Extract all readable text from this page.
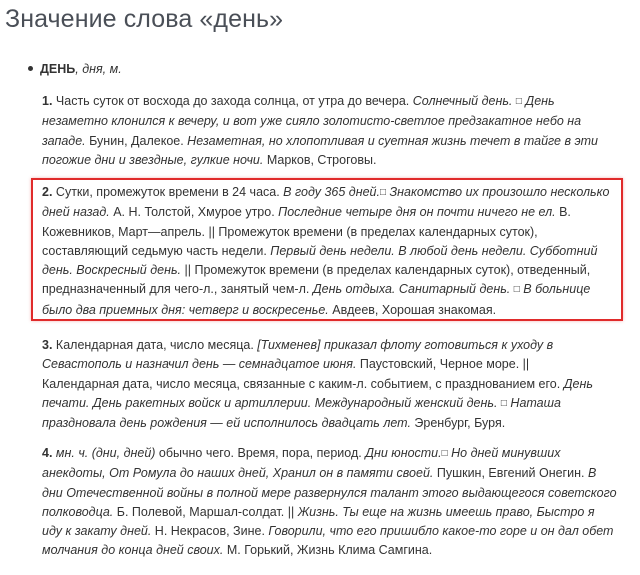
Значение слова «день»
ДЕНЬ, дня, м.
1. Часть суток от восхода до захода солнца, от утра до вечера. Солнечный день. □ День
незаметно клонился к вечеру, и вот уже сияло золотисто-светлое предзакатное небо на
западе. Бунин, Далекое. Незаметная, но хлопотливая и суетная жизнь течет в тайге в эти
погожие дни и звездные, гулкие ночи. Марков, Строговы.
2. Сутки, промежуток времени в 24 часа. В году 365 дней.□ Знакомство их произошло несколько
дней назад. А. Н. Толстой, Хмурое утро. Последние четыре дня он почти ничего не ел. В.
Кожевников, Март—апрель. || Промежуток времени (в пределах календарных суток),
составляющий седьмую часть недели. Первый день недели. В любой день недели. Субботний
день. Воскресный день. || Промежуток времени (в пределах календарных суток), отведенный,
предназначенный для чего-л., занятый чем-л. День отдыха. Санитарный день. □ В больнице
было два приемных дня: четверг и воскресенье. Авдеев, Хорошая знакомая.
3. Календарная дата, число месяца. [Тихменев] приказал флоту готовиться к уходу в
Севастополь и назначил день — семнадцатое июня. Паустовский, Черное море. ||
Календарная дата, число месяца, связанные с каким-л. событием, с празднованием его. День
печати. День ракетных войск и артиллерии. Международный женский день. □ Наташа
праздновала день рождения — ей исполнилось двадцать лет. Эренбург, Буря.
4. мн. ч. (дни, дней) обычно чего. Время, пора, период. Дни юности.□ Но дней минувших
анекдоты, От Ромула до наших дней, Хранил он в памяти своей. Пушкин, Евгений Онегин. В
дни Отечественной войны в полной мере развернулся талант этого выдающегося советского
полководца. Б. Полевой, Маршал-солдат. || Жизнь. Ты еще на жизнь имеешь право, Быстро я
иду к закату дней. Н. Некрасов, Зине. Говорили, что его пришибло какое-то горе и он дал обет
молчания до конца дней своих. М. Горький, Жизнь Клима Самгина.
